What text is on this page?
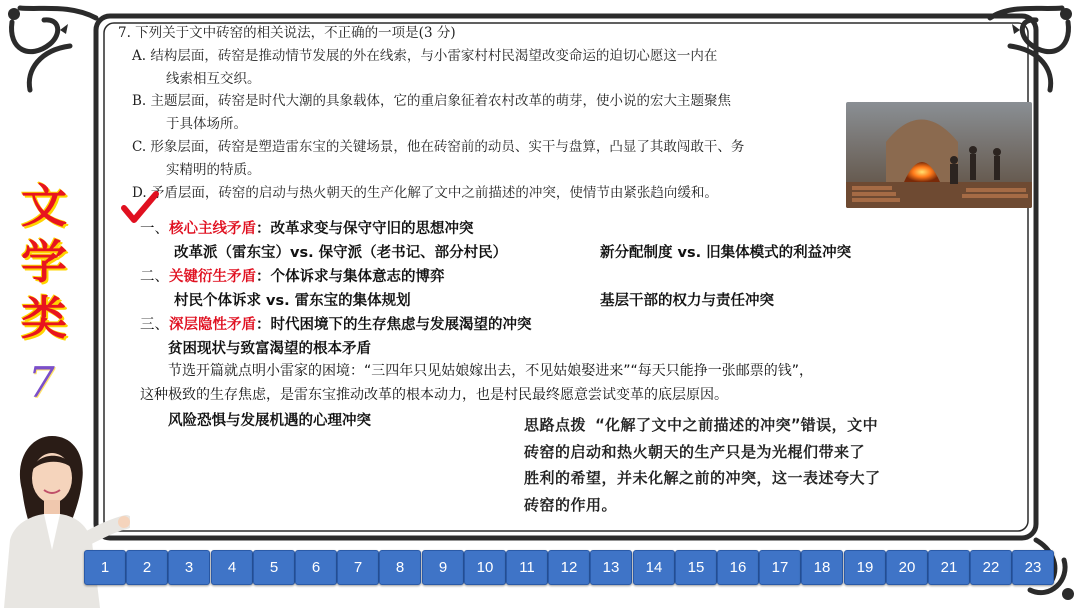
文
学
类
7

7. 下列关于文中砖窑的相关说法，不正确的一项是(3 分)

A. 结构层面，砖窑是推动情节发展的外在线索，与小雷家村村民渴望改变命运的迫切心愿这一内在
线索相互交织。

B. 主题层面，砖窑是时代大潮的具象载体，它的重启象征着农村改革的萌芽，使小说的宏大主题聚焦
于具体场所。

C. 形象层面，砖窑是塑造雷东宝的关键场景，他在砖窑前的动员、实干与盘算，凸显了其敢闯敢干、务
实精明的特质。

D. 矛盾层面，砖窑的启动与热火朝天的生产化解了文中之前描述的冲突，使情节由紧张趋向缓和。

一、核心主线矛盾：改革求变与保守守旧的思想冲突
改革派（雷东宝）vs. 保守派（老书记、部分村民）	新分配制度 vs. 旧集体模式的利益冲突
二、关键衍生矛盾：个体诉求与集体意志的博弈
村民个体诉求 vs. 雷东宝的集体规划	基层干部的权力与责任冲突
三、深层隐性矛盾：时代困境下的生存焦虑与发展渴望的冲突
贫困现状与致富渴望的根本矛盾
节选开篇就点明小雷家的困境：“三四年只见姑娘嫁出去，不见姑娘娶进来”“每天只能挣一张邮票的钱”，
这种极致的生存焦虑，是雷东宝推动改革的根本动力，也是村民最终愿意尝试变革的底层原因。
风险恐惧与发展机遇的心理冲突	思路点拨 “化解了文中之前描述的冲突”错误，文中
砖窑的启动和热火朝天的生产只是为光棍们带来了
胜利的希望，并未化解之前的冲突，这一表述夸大了
砖窑的作用。
1	2	3	4	5	6	7	8	9	10	11	12	13	14	15	16	17	18	19	20	21	22	23
